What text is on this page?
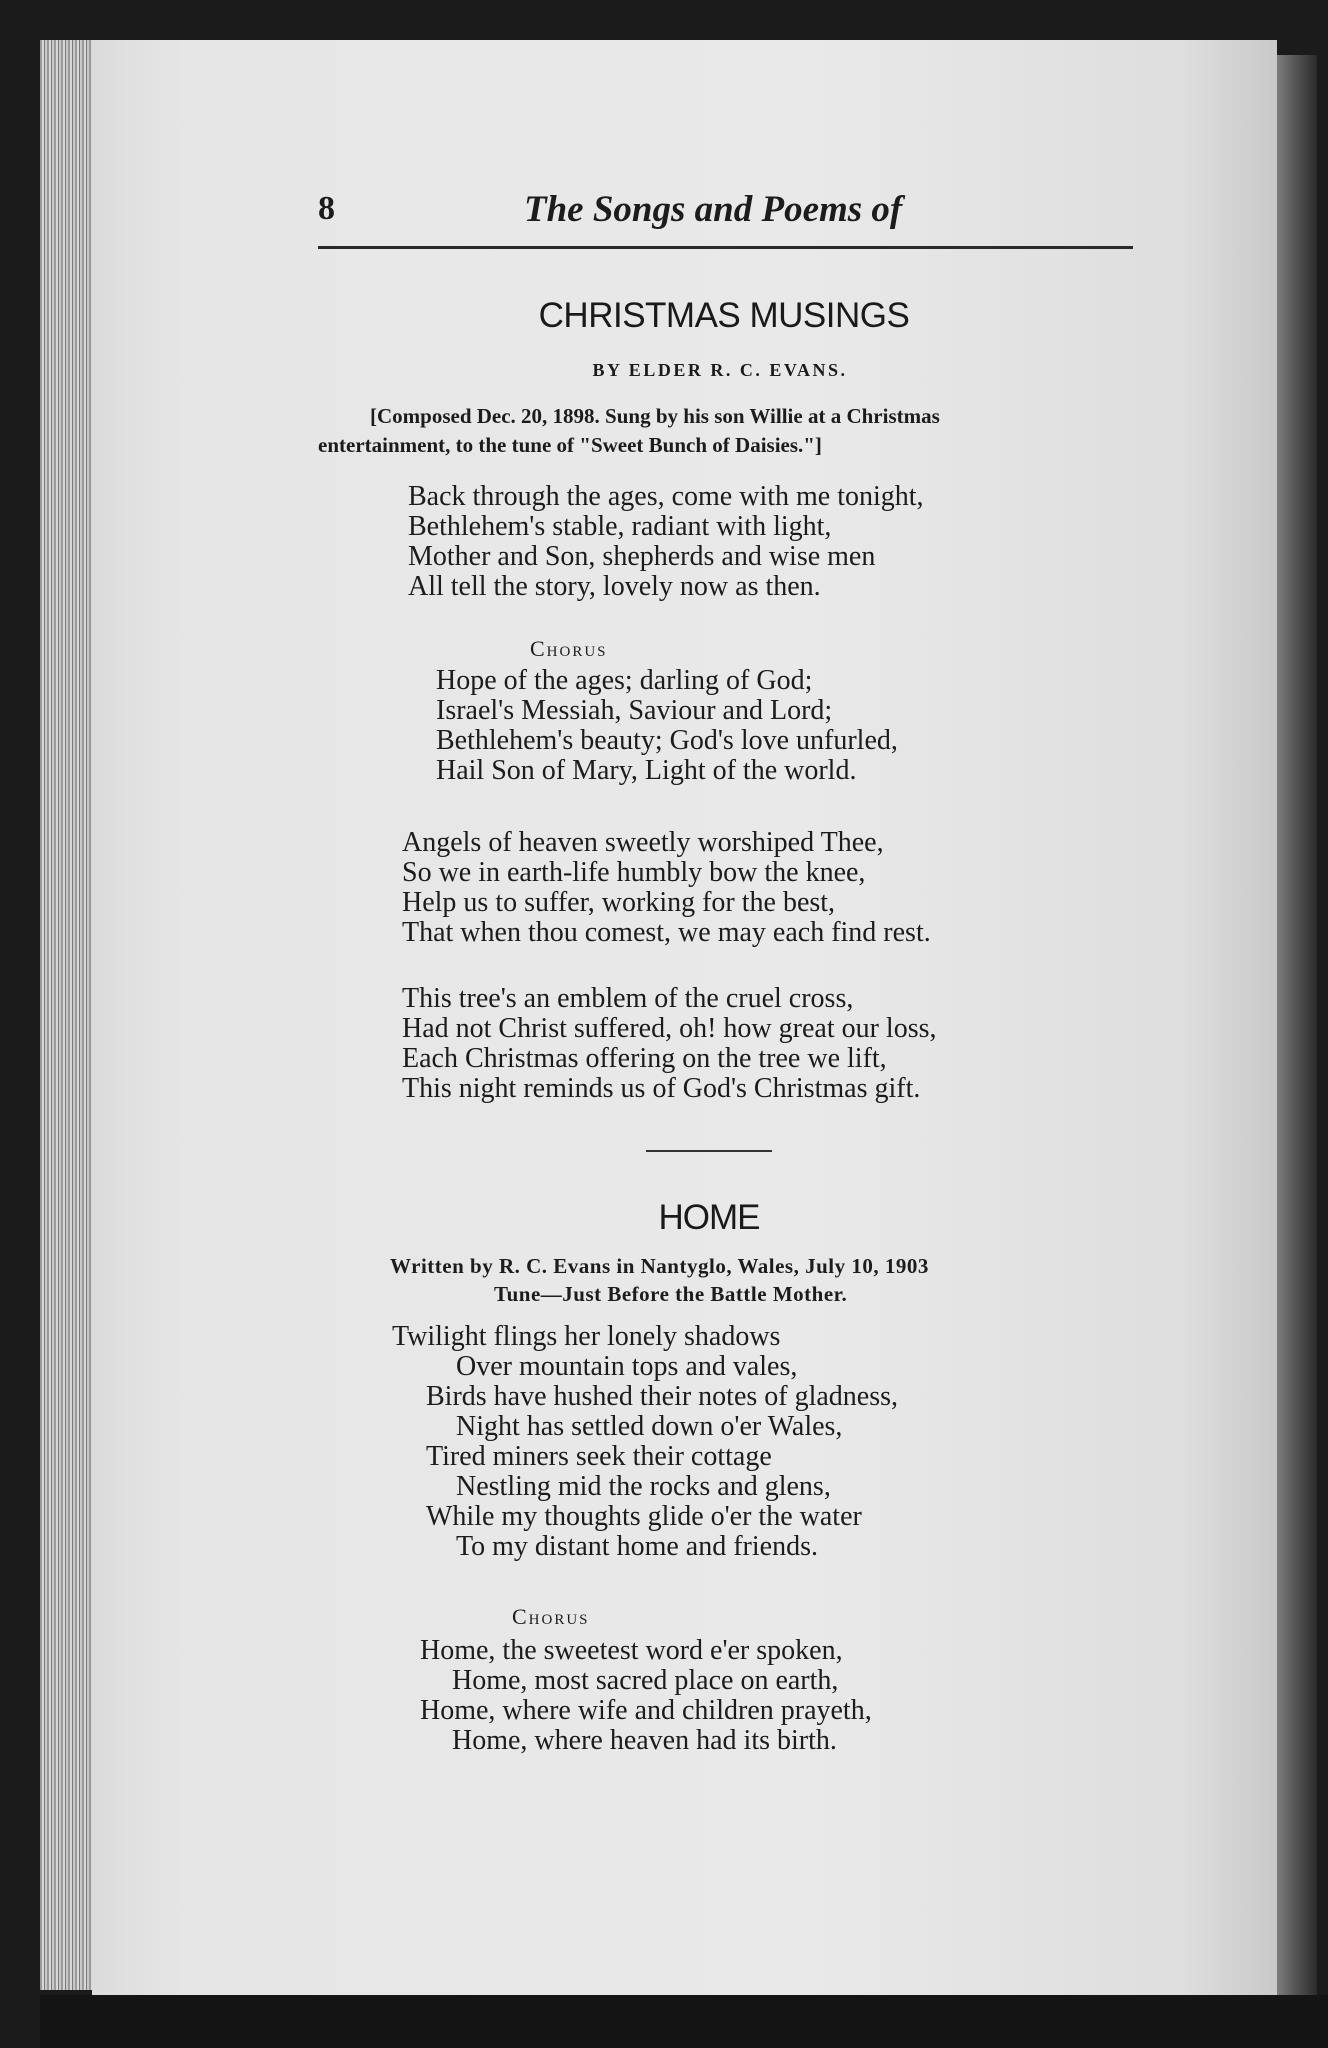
8	The Songs and Poems of
CHRISTMAS MUSINGS
BY ELDER R. C. EVANS.
[Composed Dec. 20, 1898. Sung by his son Willie at a Christmas
entertainment, to the tune of "Sweet Bunch of Daisies."]
Back through the ages, come with me tonight,
Bethlehem's stable, radiant with light,
Mother and Son, shepherds and wise men
All tell the story, lovely now as then.
Chorus
Hope of the ages; darling of God;
Israel's Messiah, Saviour and Lord;
Bethlehem's beauty; God's love unfurled,
Hail Son of Mary, Light of the world.
Angels of heaven sweetly worshiped Thee,
So we in earth-life humbly bow the knee,
Help us to suffer, working for the best,
That when thou comest, we may each find rest.
This tree's an emblem of the cruel cross,
Had not Christ suffered, oh! how great our loss,
Each Christmas offering on the tree we lift,
This night reminds us of God's Christmas gift.
HOME
Written by R. C. Evans in Nantyglo, Wales, July 10, 1903
Tune—Just Before the Battle Mother.
Twilight flings her lonely shadows
Over mountain tops and vales,
Birds have hushed their notes of gladness,
Night has settled down o'er Wales,
Tired miners seek their cottage
Nestling mid the rocks and glens,
While my thoughts glide o'er the water
To my distant home and friends.
Chorus
Home, the sweetest word e'er spoken,
Home, most sacred place on earth,
Home, where wife and children prayeth,
Home, where heaven had its birth.
